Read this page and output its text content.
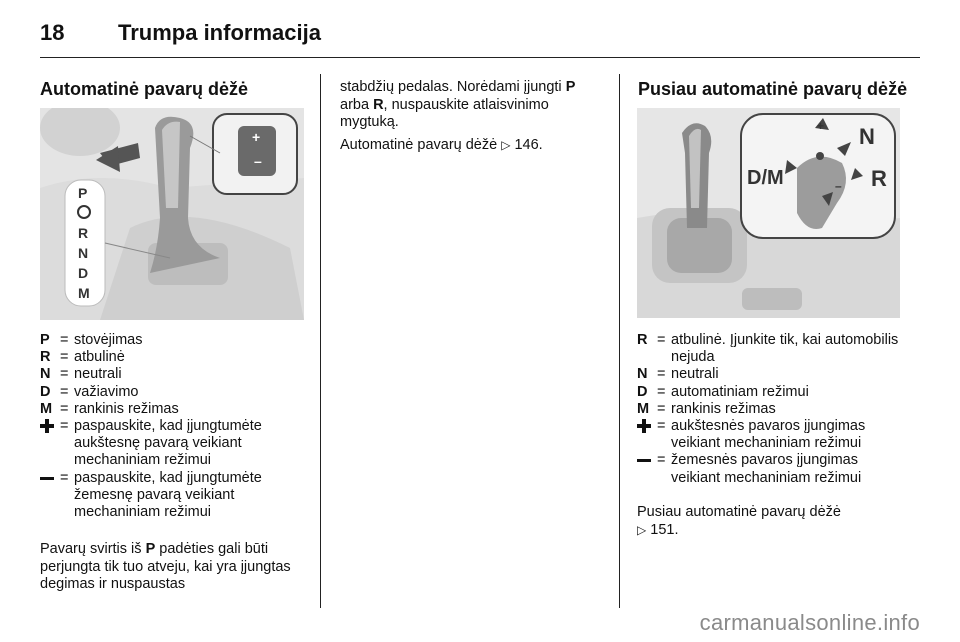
18 Trumpa informacija
Automatinė pavarų dėžė
+
–
P
R
N
D
M
P = stovėjimas
R = atbulinė
N = neutrali
D = važiavimo
M = rankinis režimas
= paspauskite, kad įjungtumėte aukštesnę pavarą veikiant mechaniniam režimui
= paspauskite, kad įjungtumėte žemesnę pavarą veikiant mechaniniam režimui
Pavarų svirtis iš P padėties gali būti perjungta tik tuo atveju, kai yra įjungtas degimas ir nuspaustas
stabdžių pedalas. Norėdami įjungti P arba R, nuspauskite atlaisvinimo mygtuką.
Automatinė pavarų dėžė ▷ 146.
Pusiau automatinė pavarų dėžė
D/M
N
R
+
–
R = atbulinė. Įjunkite tik, kai automobilis nejuda
N = neutrali
D = automatiniam režimui
M = rankinis režimas
= aukštesnės pavaros įjungimas veikiant mechaniniam režimui
= žemesnės pavaros įjungimas veikiant mechaniniam režimui
Pusiau automatinė pavarų dėžė
▷ 151.
carmanualsonline.info
